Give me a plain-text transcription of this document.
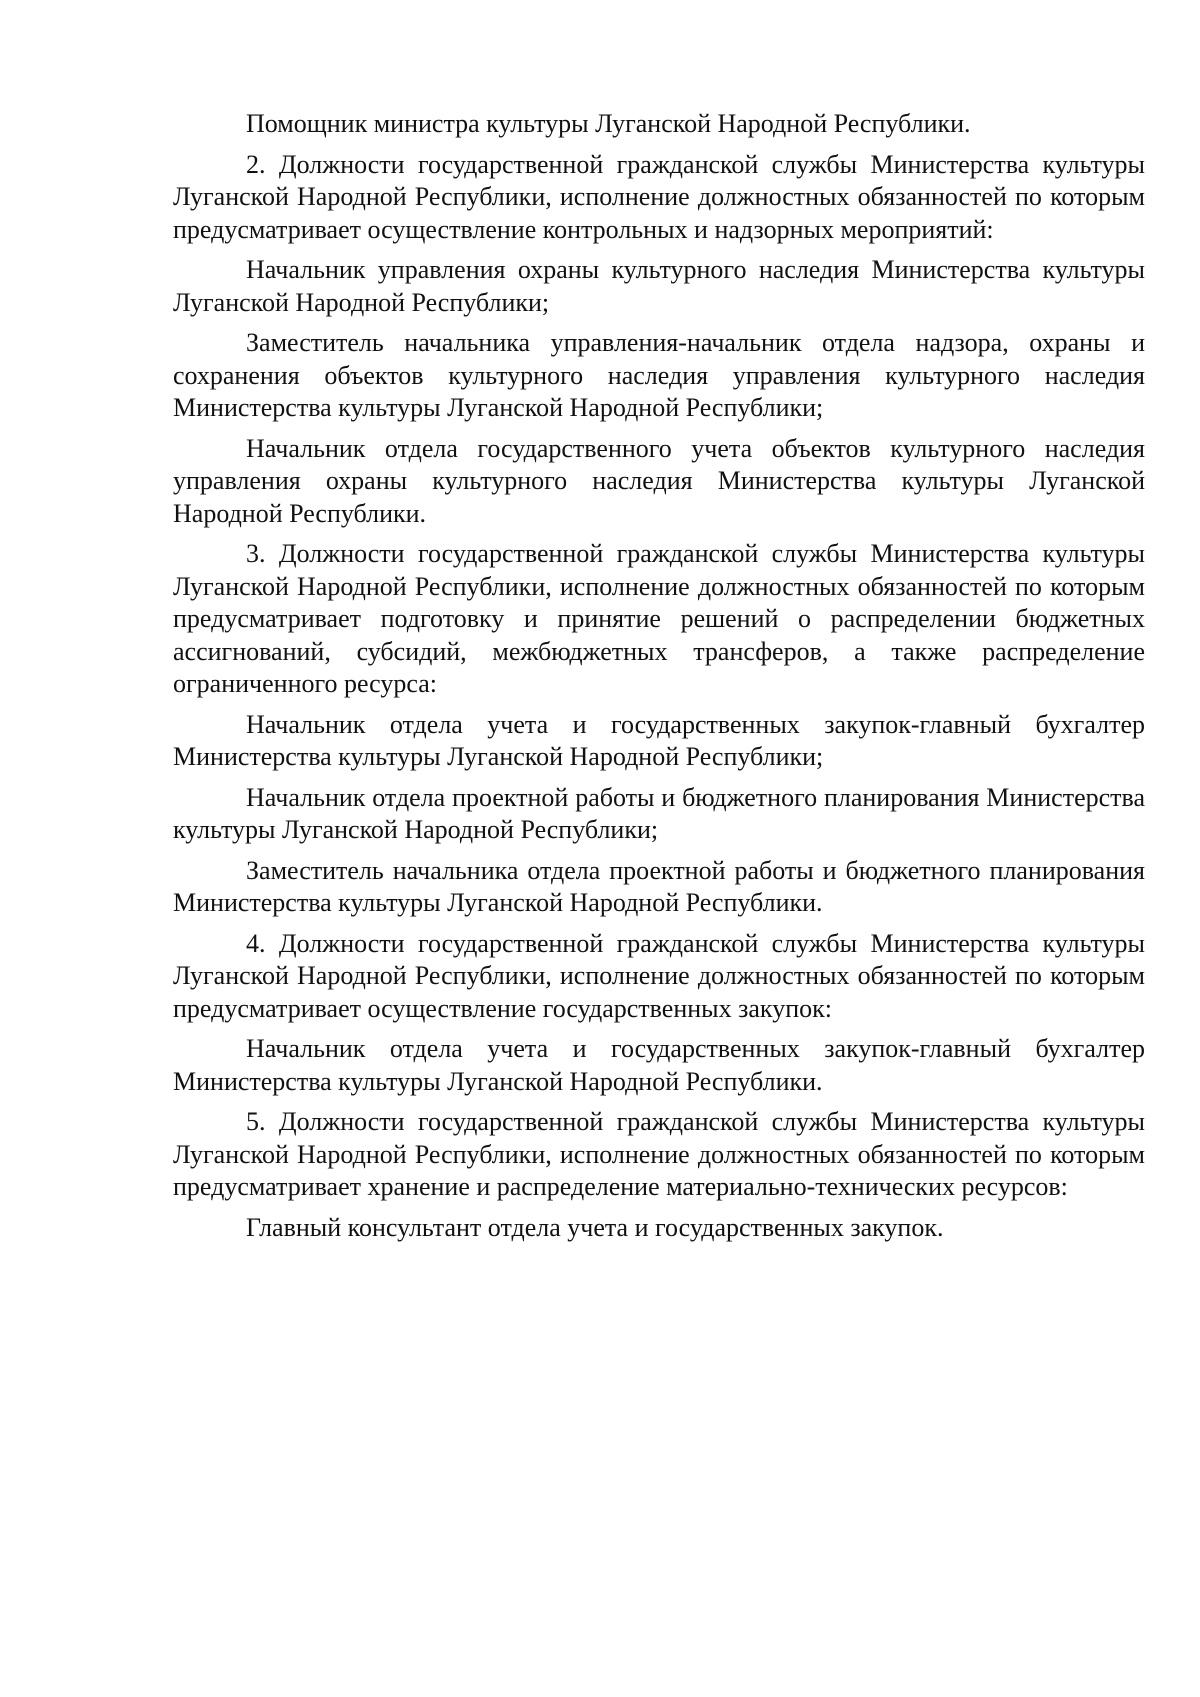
Помощник министра культуры Луганской Народной Республики.

2. Должности государственной гражданской службы Министерства культуры Луганской Народной Республики, исполнение должностных обязанностей по которым предусматривает осуществление контрольных и надзорных мероприятий:

Начальник управления охраны культурного наследия Министерства культуры Луганской Народной Республики;

Заместитель начальника управления-начальник отдела надзора, охраны и сохранения объектов культурного наследия управления культурного наследия Министерства культуры Луганской Народной Республики;

Начальник отдела государственного учета объектов культурного наследия управления охраны культурного наследия Министерства культуры Луганской Народной Республики.

3. Должности государственной гражданской службы Министерства культуры Луганской Народной Республики, исполнение должностных обязанностей по которым предусматривает подготовку и принятие решений о распределении бюджетных ассигнований, субсидий, межбюджетных трансферов, а также распределение ограниченного ресурса:

Начальник отдела учета и государственных закупок-главный бухгалтер Министерства культуры Луганской Народной Республики;

Начальник отдела проектной работы и бюджетного планирования Министерства культуры Луганской Народной Республики;

Заместитель начальника отдела проектной работы и бюджетного планирования Министерства культуры Луганской Народной Республики.

4. Должности государственной гражданской службы Министерства культуры Луганской Народной Республики, исполнение должностных обязанностей по которым предусматривает осуществление государственных закупок:

Начальник отдела учета и государственных закупок-главный бухгалтер Министерства культуры Луганской Народной Республики.

5. Должности государственной гражданской службы Министерства культуры Луганской Народной Республики, исполнение должностных обязанностей по которым предусматривает хранение и распределение материально-технических ресурсов:

Главный консультант отдела учета и государственных закупок.
